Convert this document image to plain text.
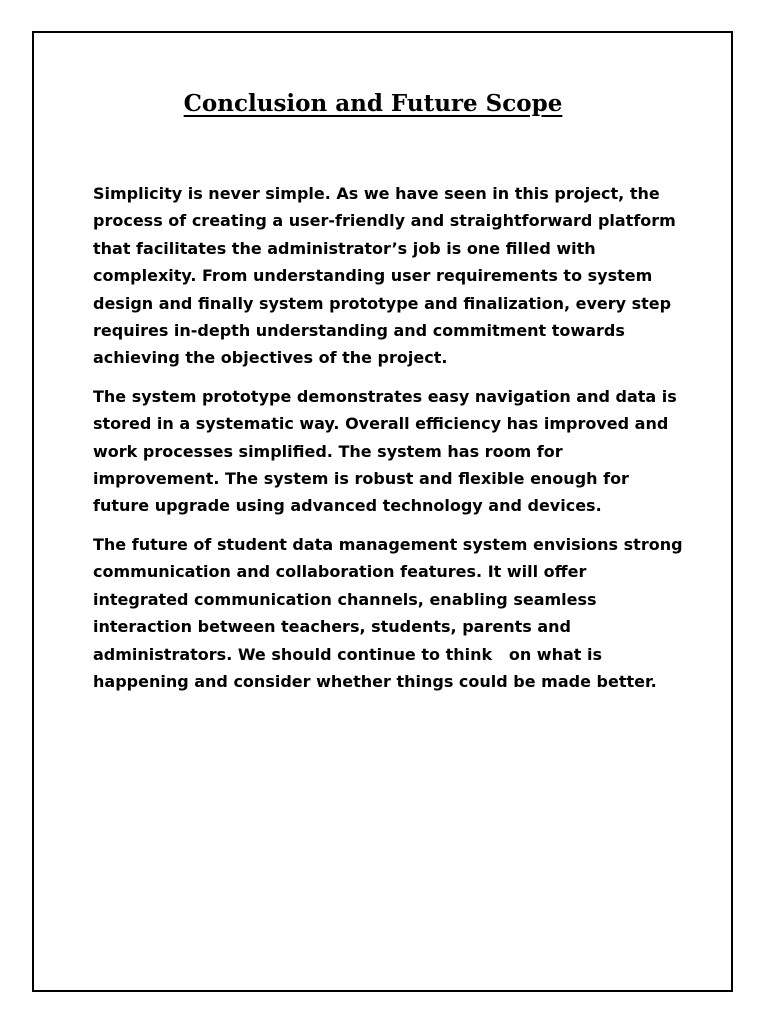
Conclusion and Future Scope

Simplicity is never simple. As we have seen in this project, the process of creating a user-friendly and straightforward platform that facilitates the administrator’s job is one filled with complexity. From understanding user requirements to system design and finally system prototype and finalization, every step requires in-depth understanding and commitment towards achieving the objectives of the project.

The system prototype demonstrates easy navigation and data is stored in a systematic way. Overall efficiency has improved and work processes simplified. The system has room for improvement. The system is robust and flexible enough for future upgrade using advanced technology and devices.

The future of student data management system envisions strong communication and collaboration features. It will offer integrated communication channels, enabling seamless interaction between teachers, students, parents and administrators. We should continue to think   on what is happening and consider whether things could be made better.
